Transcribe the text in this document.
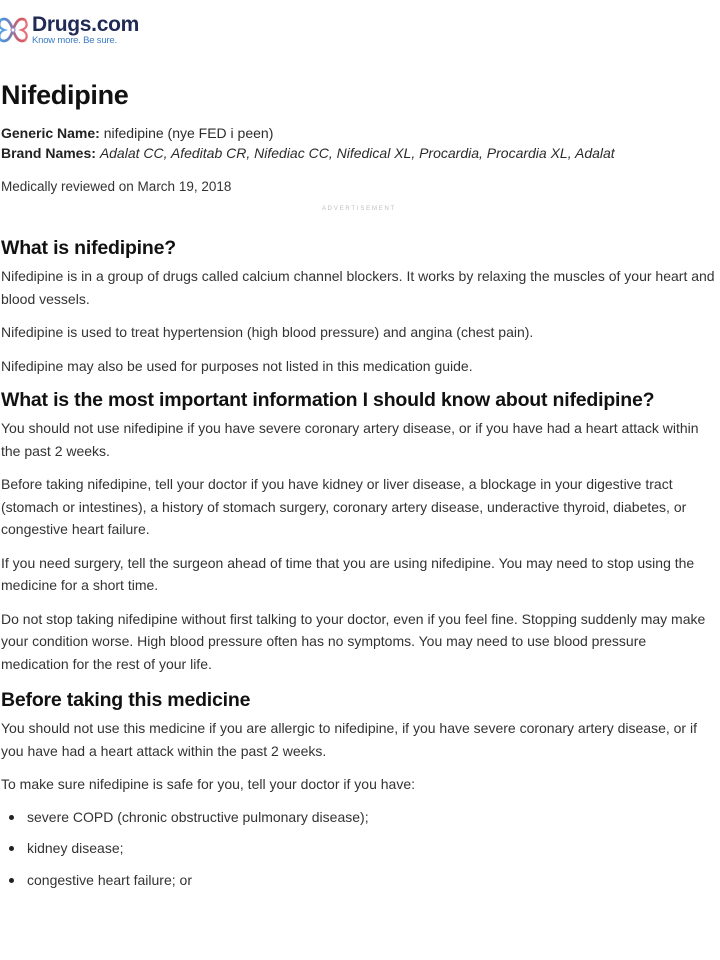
Drugs.com
Know more. Be sure.
Nifedipine
Generic Name: nifedipine (nye FED i peen)
Brand Names: Adalat CC, Afeditab CR, Nifediac CC, Nifedical XL, Procardia, Procardia XL, Adalat
Medically reviewed on March 19, 2018
ADVERTISEMENT
What is nifedipine?

Nifedipine is in a group of drugs called calcium channel blockers. It works by relaxing the muscles of your heart and blood vessels.

Nifedipine is used to treat hypertension (high blood pressure) and angina (chest pain).

Nifedipine may also be used for purposes not listed in this medication guide.

What is the most important information I should know about nifedipine?

You should not use nifedipine if you have severe coronary artery disease, or if you have had a heart attack within the past 2 weeks.

Before taking nifedipine, tell your doctor if you have kidney or liver disease, a blockage in your digestive tract (stomach or intestines), a history of stomach surgery, coronary artery disease, underactive thyroid, diabetes, or congestive heart failure.

If you need surgery, tell the surgeon ahead of time that you are using nifedipine. You may need to stop using the medicine for a short time.

Do not stop taking nifedipine without first talking to your doctor, even if you feel fine. Stopping suddenly may make your condition worse. High blood pressure often has no symptoms. You may need to use blood pressure medication for the rest of your life.

Before taking this medicine

You should not use this medicine if you are allergic to nifedipine, if you have severe coronary artery disease, or if you have had a heart attack within the past 2 weeks.

To make sure nifedipine is safe for you, tell your doctor if you have:

severe COPD (chronic obstructive pulmonary disease);
kidney disease;
congestive heart failure; or
